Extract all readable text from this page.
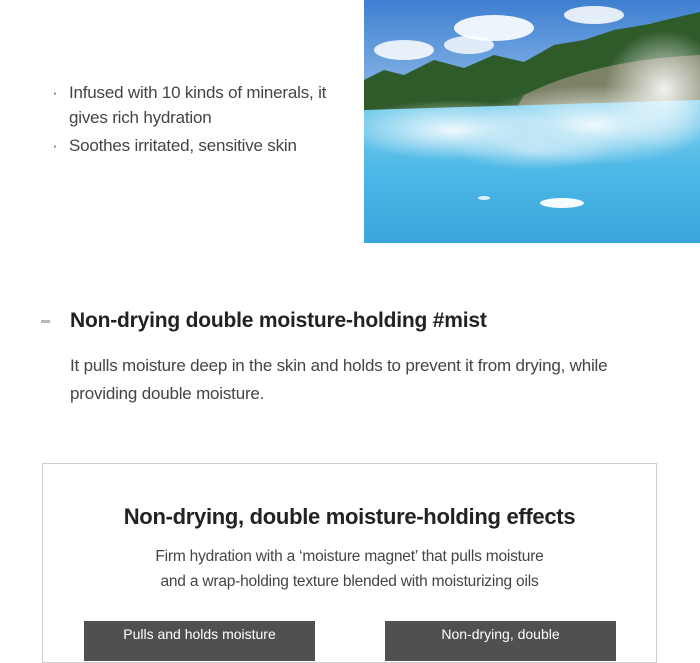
· Infused with 10 kinds of minerals, it gives rich hydration
· Soothes irritated, sensitive skin
Non-drying double moisture-holding #mist
It pulls moisture deep in the skin and holds to prevent it from drying, while providing double moisture.
Non-drying, double moisture-holding effects
Firm hydration with a ‘moisture magnet’ that pulls moisture
and a wrap-holding texture blended with moisturizing oils
Pulls and holds moisture	Non-drying, double
